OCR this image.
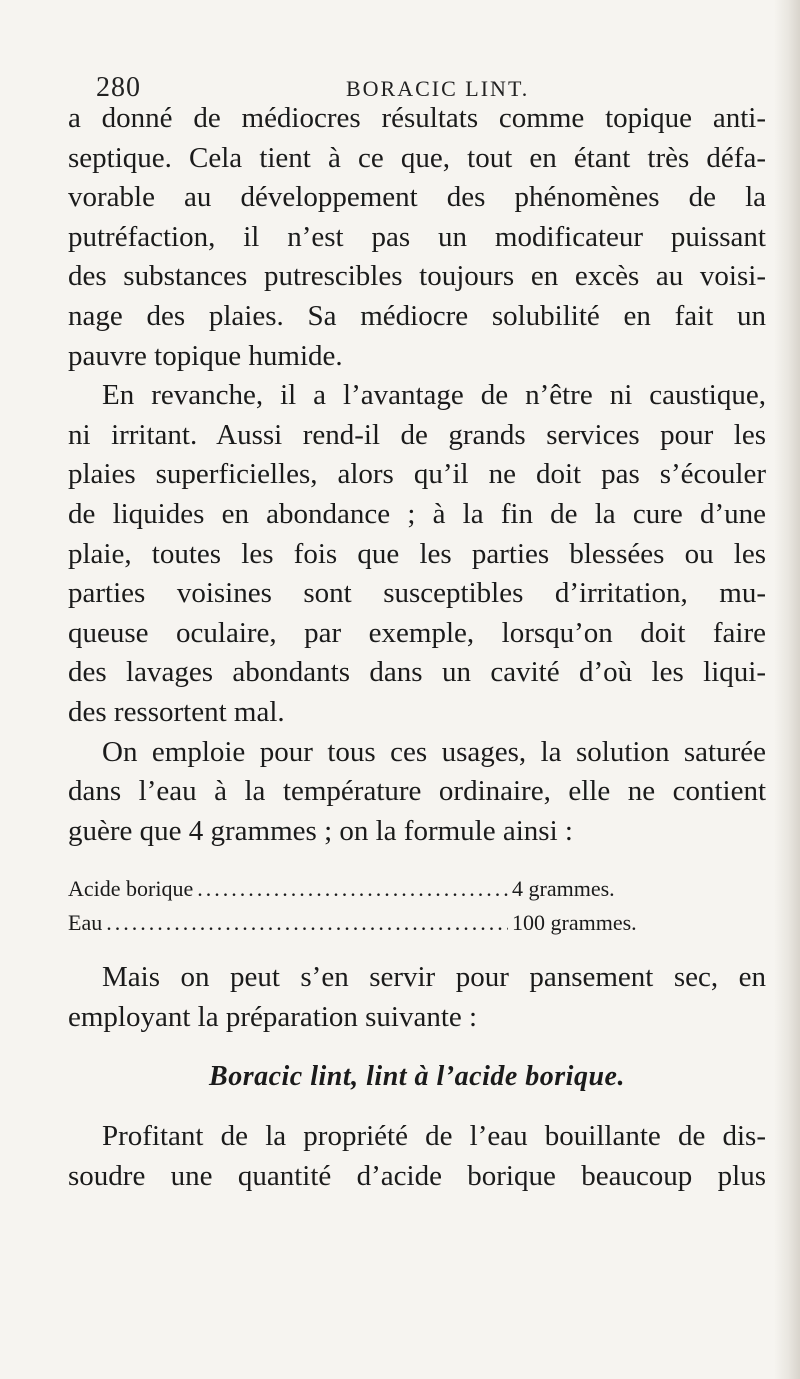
280	BORACIC LINT.

a donné de médiocres résultats comme topique anti-
septique. Cela tient à ce que, tout en étant très défa-
vorable au développement des phénomènes de la
putréfaction, il n’est pas un modificateur puissant
des substances putrescibles toujours en excès au voisi-
nage des plaies. Sa médiocre solubilité en fait un
pauvre topique humide.

En revanche, il a l’avantage de n’être ni caustique,
ni irritant. Aussi rend-il de grands services pour les
plaies superficielles, alors qu’il ne doit pas s’écouler
de liquides en abondance ; à la fin de la cure d’une
plaie, toutes les fois que les parties blessées ou les
parties voisines sont susceptibles d’irritation, mu-
queuse oculaire, par exemple, lorsqu’on doit faire
des lavages abondants dans un cavité d’où les liqui-
des ressortent mal.

On emploie pour tous ces usages, la solution saturée
dans l’eau à la température ordinaire, elle ne contient
guère que 4 grammes ; on la formule ainsi :

Acide borique .....	4 grammes.
Eau .....	100 grammes.

Mais on peut s’en servir pour pansement sec, en
employant la préparation suivante :

Boracic lint, lint à l’acide borique.

Profitant de la propriété de l’eau bouillante de dis-
soudre une quantité d’acide borique beaucoup plus
